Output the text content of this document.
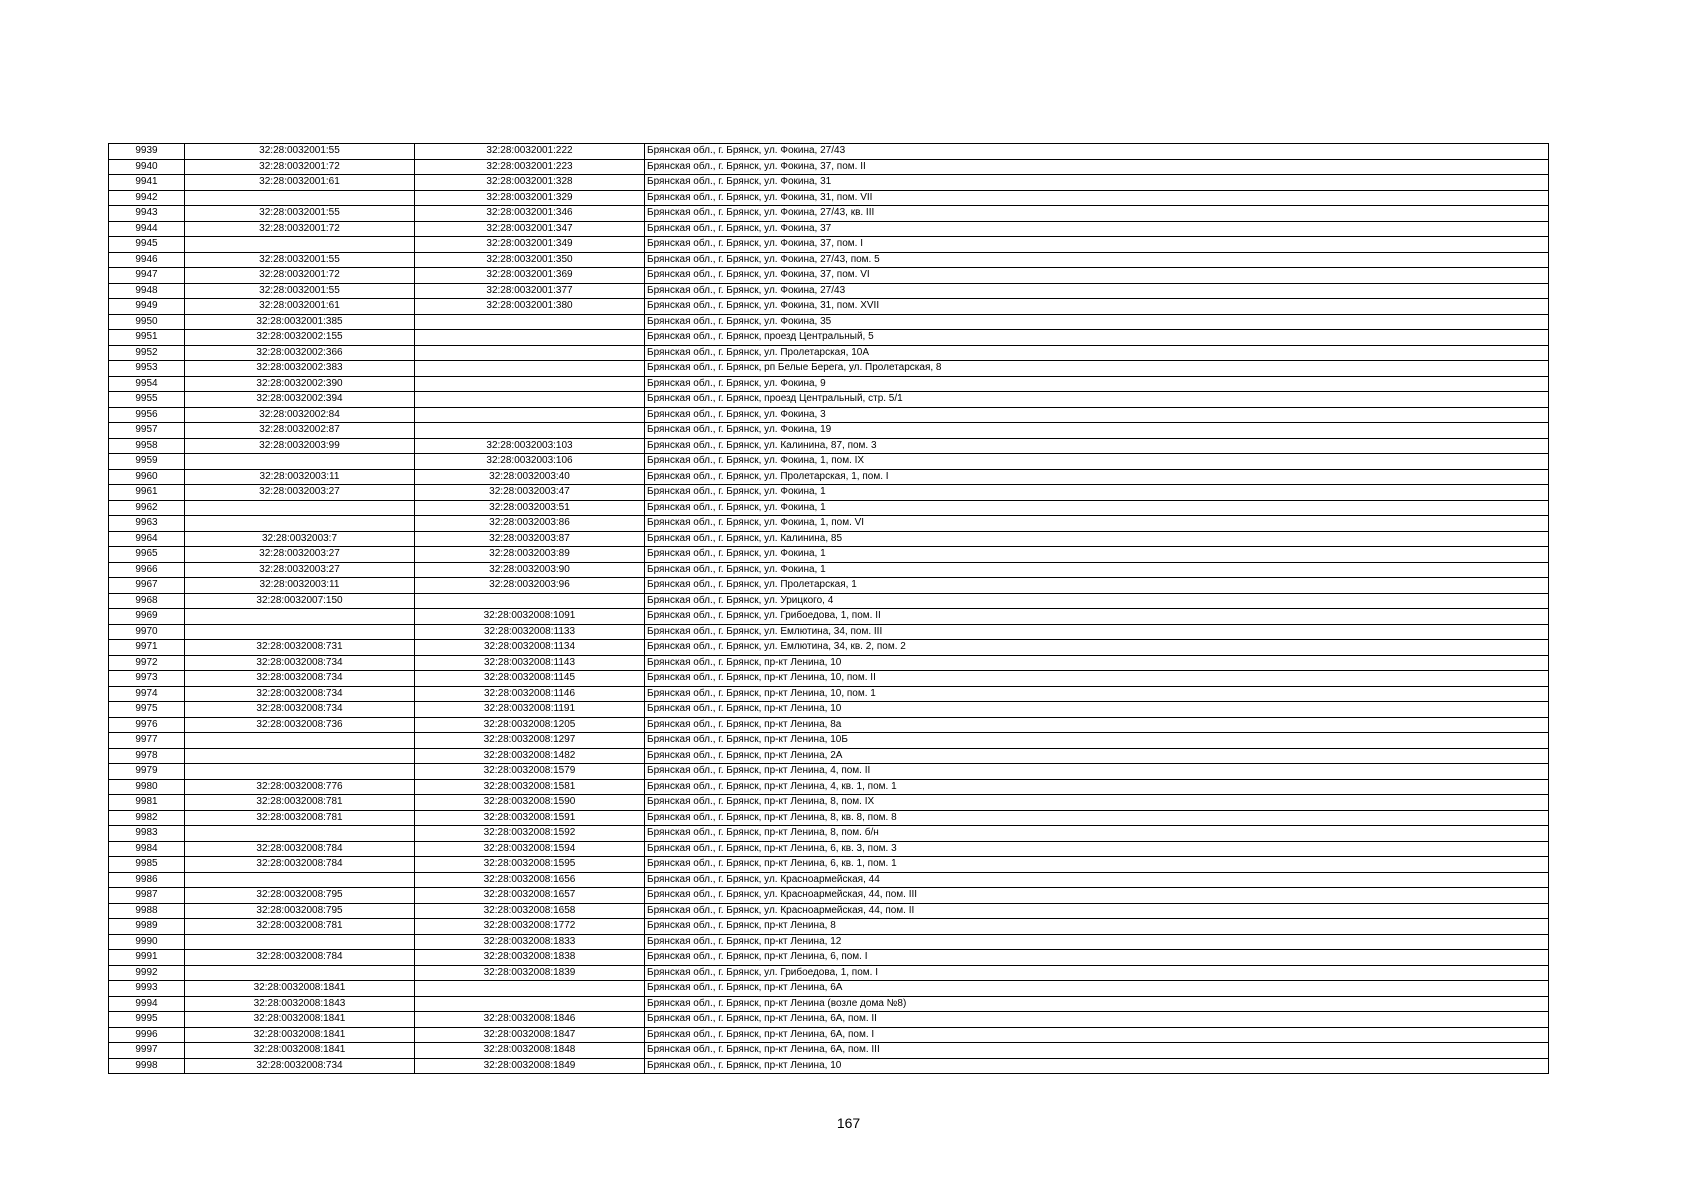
9939	32:28:0032001:55	32:28:0032001:222	Брянская обл., г. Брянск, ул. Фокина, 27/43
9940	32:28:0032001:72	32:28:0032001:223	Брянская обл., г. Брянск, ул. Фокина, 37, пом. II
9941	32:28:0032001:61	32:28:0032001:328	Брянская обл., г. Брянск, ул. Фокина, 31
9942		32:28:0032001:329	Брянская обл., г. Брянск, ул. Фокина, 31, пом. VII
9943	32:28:0032001:55	32:28:0032001:346	Брянская обл., г. Брянск, ул. Фокина, 27/43, кв. III
9944	32:28:0032001:72	32:28:0032001:347	Брянская обл., г. Брянск, ул. Фокина, 37
9945		32:28:0032001:349	Брянская обл., г. Брянск, ул. Фокина, 37, пом. I
9946	32:28:0032001:55	32:28:0032001:350	Брянская обл., г. Брянск, ул. Фокина, 27/43, пом. 5
9947	32:28:0032001:72	32:28:0032001:369	Брянская обл., г. Брянск, ул. Фокина, 37, пом. VI
9948	32:28:0032001:55	32:28:0032001:377	Брянская обл., г. Брянск, ул. Фокина, 27/43
9949	32:28:0032001:61	32:28:0032001:380	Брянская обл., г. Брянск, ул. Фокина, 31, пом. XVII
9950	32:28:0032001:385		Брянская обл., г. Брянск, ул. Фокина, 35
9951	32:28:0032002:155		Брянская обл., г. Брянск, проезд Центральный, 5
9952	32:28:0032002:366		Брянская обл., г. Брянск, ул. Пролетарская, 10А
9953	32:28:0032002:383		Брянская обл., г. Брянск, рп Белые Берега, ул. Пролетарская, 8
9954	32:28:0032002:390		Брянская обл., г. Брянск, ул. Фокина, 9
9955	32:28:0032002:394		Брянская обл., г. Брянск, проезд Центральный, стр. 5/1
9956	32:28:0032002:84		Брянская обл., г. Брянск, ул. Фокина, 3
9957	32:28:0032002:87		Брянская обл., г. Брянск, ул. Фокина, 19
9958	32:28:0032003:99	32:28:0032003:103	Брянская обл., г. Брянск, ул. Калинина, 87, пом. 3
9959		32:28:0032003:106	Брянская обл., г. Брянск, ул. Фокина, 1, пом. IX
9960	32:28:0032003:11	32:28:0032003:40	Брянская обл., г. Брянск, ул. Пролетарская, 1, пом. I
9961	32:28:0032003:27	32:28:0032003:47	Брянская обл., г. Брянск, ул. Фокина, 1
9962		32:28:0032003:51	Брянская обл., г. Брянск, ул. Фокина, 1
9963		32:28:0032003:86	Брянская обл., г. Брянск, ул. Фокина, 1, пом. VI
9964	32:28:0032003:7	32:28:0032003:87	Брянская обл., г. Брянск, ул. Калинина, 85
9965	32:28:0032003:27	32:28:0032003:89	Брянская обл., г. Брянск, ул. Фокина, 1
9966	32:28:0032003:27	32:28:0032003:90	Брянская обл., г. Брянск, ул. Фокина, 1
9967	32:28:0032003:11	32:28:0032003:96	Брянская обл., г. Брянск, ул. Пролетарская, 1
9968	32:28:0032007:150		Брянская обл., г. Брянск, ул. Урицкого, 4
9969		32:28:0032008:1091	Брянская обл., г. Брянск, ул. Грибоедова, 1, пом. II
9970		32:28:0032008:1133	Брянская обл., г. Брянск, ул. Емлютина, 34, пом. III
9971	32:28:0032008:731	32:28:0032008:1134	Брянская обл., г. Брянск, ул. Емлютина, 34, кв. 2, пом. 2
9972	32:28:0032008:734	32:28:0032008:1143	Брянская обл., г. Брянск, пр-кт Ленина, 10
9973	32:28:0032008:734	32:28:0032008:1145	Брянская обл., г. Брянск, пр-кт Ленина, 10, пом. II
9974	32:28:0032008:734	32:28:0032008:1146	Брянская обл., г. Брянск, пр-кт Ленина, 10, пом. 1
9975	32:28:0032008:734	32:28:0032008:1191	Брянская обл., г. Брянск, пр-кт Ленина, 10
9976	32:28:0032008:736	32:28:0032008:1205	Брянская обл., г. Брянск, пр-кт Ленина, 8а
9977		32:28:0032008:1297	Брянская обл., г. Брянск, пр-кт Ленина, 10Б
9978		32:28:0032008:1482	Брянская обл., г. Брянск, пр-кт Ленина, 2А
9979		32:28:0032008:1579	Брянская обл., г. Брянск, пр-кт Ленина, 4, пом. II
9980	32:28:0032008:776	32:28:0032008:1581	Брянская обл., г. Брянск, пр-кт Ленина, 4, кв. 1, пом. 1
9981	32:28:0032008:781	32:28:0032008:1590	Брянская обл., г. Брянск, пр-кт Ленина, 8, пом. IX
9982	32:28:0032008:781	32:28:0032008:1591	Брянская обл., г. Брянск, пр-кт Ленина, 8, кв. 8, пом. 8
9983		32:28:0032008:1592	Брянская обл., г. Брянск, пр-кт Ленина, 8, пом. б/н
9984	32:28:0032008:784	32:28:0032008:1594	Брянская обл., г. Брянск, пр-кт Ленина, 6, кв. 3, пом. 3
9985	32:28:0032008:784	32:28:0032008:1595	Брянская обл., г. Брянск, пр-кт Ленина, 6, кв. 1, пом. 1
9986		32:28:0032008:1656	Брянская обл., г. Брянск, ул. Красноармейская, 44
9987	32:28:0032008:795	32:28:0032008:1657	Брянская обл., г. Брянск, ул. Красноармейская, 44, пом. III
9988	32:28:0032008:795	32:28:0032008:1658	Брянская обл., г. Брянск, ул. Красноармейская, 44, пом. II
9989	32:28:0032008:781	32:28:0032008:1772	Брянская обл., г. Брянск, пр-кт Ленина, 8
9990		32:28:0032008:1833	Брянская обл., г. Брянск, пр-кт Ленина, 12
9991	32:28:0032008:784	32:28:0032008:1838	Брянская обл., г. Брянск, пр-кт Ленина, 6, пом. I
9992		32:28:0032008:1839	Брянская обл., г. Брянск, ул. Грибоедова, 1, пом. I
9993	32:28:0032008:1841		Брянская обл., г. Брянск, пр-кт Ленина, 6А
9994	32:28:0032008:1843		Брянская обл., г. Брянск, пр-кт Ленина (возле дома №8)
9995	32:28:0032008:1841	32:28:0032008:1846	Брянская обл., г. Брянск, пр-кт Ленина, 6А, пом. II
9996	32:28:0032008:1841	32:28:0032008:1847	Брянская обл., г. Брянск, пр-кт Ленина, 6А, пом. I
9997	32:28:0032008:1841	32:28:0032008:1848	Брянская обл., г. Брянск, пр-кт Ленина, 6А, пом. III
9998	32:28:0032008:734	32:28:0032008:1849	Брянская обл., г. Брянск, пр-кт Ленина, 10
167
